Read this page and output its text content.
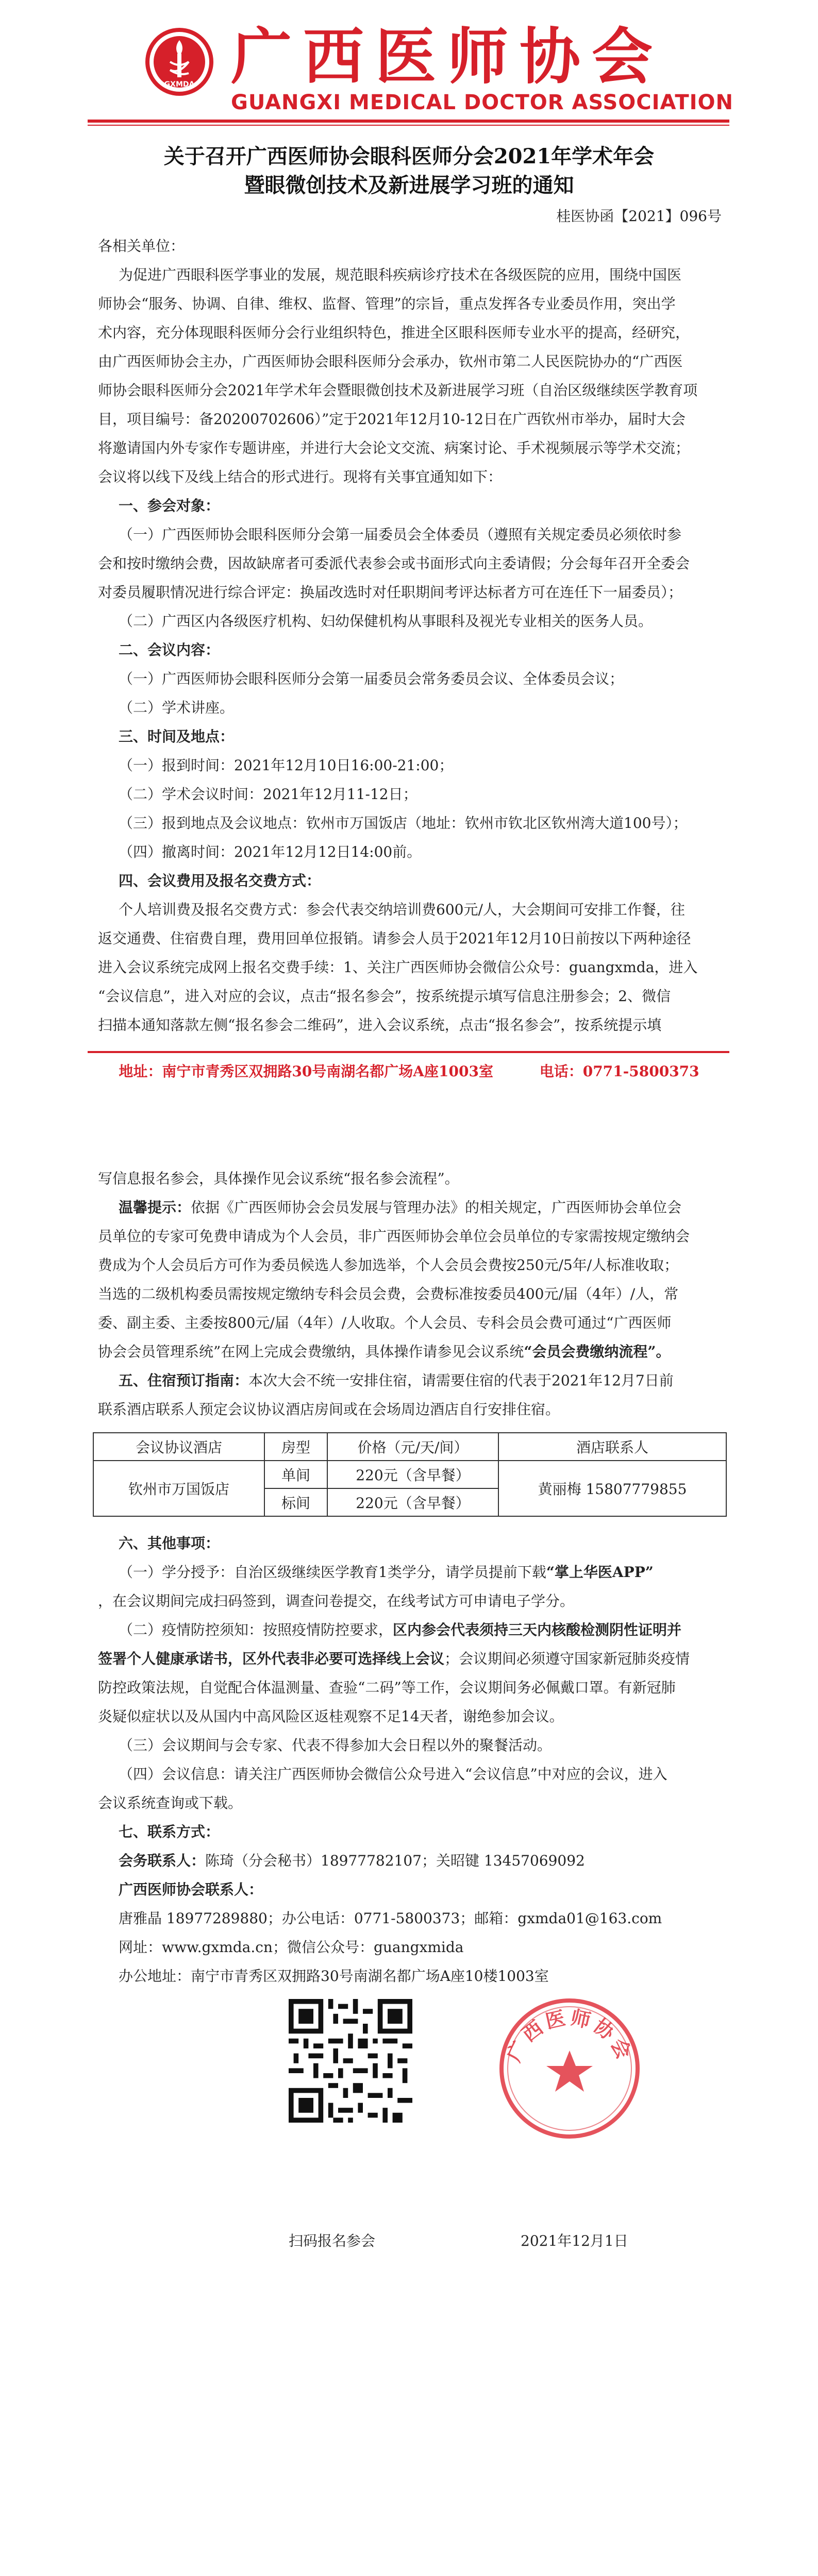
GXMDA 广西医师协会
GUANGXI MEDICAL DOCTOR ASSOCIATION
关于召开广西医师协会眼科医师分会2021年学术年会
暨眼微创技术及新进展学习班的通知
桂医协函【2021】096号
各相关单位：
为促进广西眼科医学事业的发展，规范眼科疾病诊疗技术在各级医院的应用，围绕中国医
师协会“服务、协调、自律、维权、监督、管理”的宗旨，重点发挥各专业委员作用，突出学
术内容，充分体现眼科医师分会行业组织特色，推进全区眼科医师专业水平的提高，经研究，
由广西医师协会主办，广西医师协会眼科医师分会承办，钦州市第二人民医院协办的“广西医
师协会眼科医师分会2021年学术年会暨眼微创技术及新进展学习班（自治区级继续医学教育项
目，项目编号：备20200702606）”定于2021年12月10-12日在广西钦州市举办，届时大会
将邀请国内外专家作专题讲座，并进行大会论文交流、病案讨论、手术视频展示等学术交流；
会议将以线下及线上结合的形式进行。现将有关事宜通知如下：
一、参会对象：
（一）广西医师协会眼科医师分会第一届委员会全体委员（遵照有关规定委员必须依时参
会和按时缴纳会费，因故缺席者可委派代表参会或书面形式向主委请假；分会每年召开全委会
对委员履职情况进行综合评定：换届改选时对任职期间考评达标者方可在连任下一届委员）；
（二）广西区内各级医疗机构、妇幼保健机构从事眼科及视光专业相关的医务人员。
二、会议内容：
（一）广西医师协会眼科医师分会第一届委员会常务委员会议、全体委员会议；
（二）学术讲座。
三、时间及地点：
（一）报到时间：2021年12月10日16:00-21:00；
（二）学术会议时间：2021年12月11-12日；
（三）报到地点及会议地点：钦州市万国饭店（地址：钦州市钦北区钦州湾大道100号）；
（四）撤离时间：2021年12月12日14:00前。
四、会议费用及报名交费方式：
个人培训费及报名交费方式：参会代表交纳培训费600元/人，大会期间可安排工作餐，往
返交通费、住宿费自理，费用回单位报销。请参会人员于2021年12月10日前按以下两种途径
进入会议系统完成网上报名交费手续：1、关注广西医师协会微信公众号：guangxmda，进入
“会议信息”，进入对应的会议，点击“报名参会”，按系统提示填写信息注册参会；2、微信
扫描本通知落款左侧“报名参会二维码”，进入会议系统，点击“报名参会”，按系统提示填
地址：南宁市青秀区双拥路30号南湖名都广场A座1003室	电话：0771-5800373
写信息报名参会，具体操作见会议系统“报名参会流程”。
温馨提示：依据《广西医师协会会员发展与管理办法》的相关规定，广西医师协会单位会
员单位的专家可免费申请成为个人会员，非广西医师协会单位会员单位的专家需按规定缴纳会
费成为个人会员后方可作为委员候选人参加选举，个人会员会费按250元/5年/人标准收取；
当选的二级机构委员需按规定缴纳专科会员会费，会费标准按委员400元/届（4年）/人，常
委、副主委、主委按800元/届（4年）/人收取。个人会员、专科会员会费可通过“广西医师
协会会员管理系统”在网上完成会费缴纳，具体操作请参见会议系统“会员会费缴纳流程”。
五、住宿预订指南：本次大会不统一安排住宿，请需要住宿的代表于2021年12月7日前
联系酒店联系人预定会议协议酒店房间或在会场周边酒店自行安排住宿。
会议协议酒店	房型	价格（元/天/间）	酒店联系人
钦州市万国饭店	单间	220元（含早餐）	黄丽梅 15807779855
	标间	220元（含早餐）	
六、其他事项：
（一）学分授予：自治区级继续医学教育1类学分，请学员提前下载“掌上华医APP”
，在会议期间完成扫码签到，调查问卷提交，在线考试方可申请电子学分。
（二）疫情防控须知：按照疫情防控要求，区内参会代表须持三天内核酸检测阴性证明并
签署个人健康承诺书，区外代表非必要可选择线上会议；会议期间必须遵守国家新冠肺炎疫情
防控政策法规，自觉配合体温测量、查验“二码”等工作，会议期间务必佩戴口罩。有新冠肺
炎疑似症状以及从国内中高风险区返桂观察不足14天者，谢绝参加会议。
（三）会议期间与会专家、代表不得参加大会日程以外的聚餐活动。
（四）会议信息：请关注广西医师协会微信公众号进入“会议信息”中对应的会议，进入
会议系统查询或下载。
七、联系方式：
会务联系人：陈琦（分会秘书）18977782107；关昭键 13457069092
广西医师协会联系人：
唐雅晶 18977289880；办公电话：0771-5800373；邮箱：gxmda01@163.com
网址：www.gxmda.cn；微信公众号：guangxmida
办公地址：南宁市青秀区双拥路30号南湖名都广场A座10楼1003室
广西医师协会
扫码报名参会	2021年12月1日
